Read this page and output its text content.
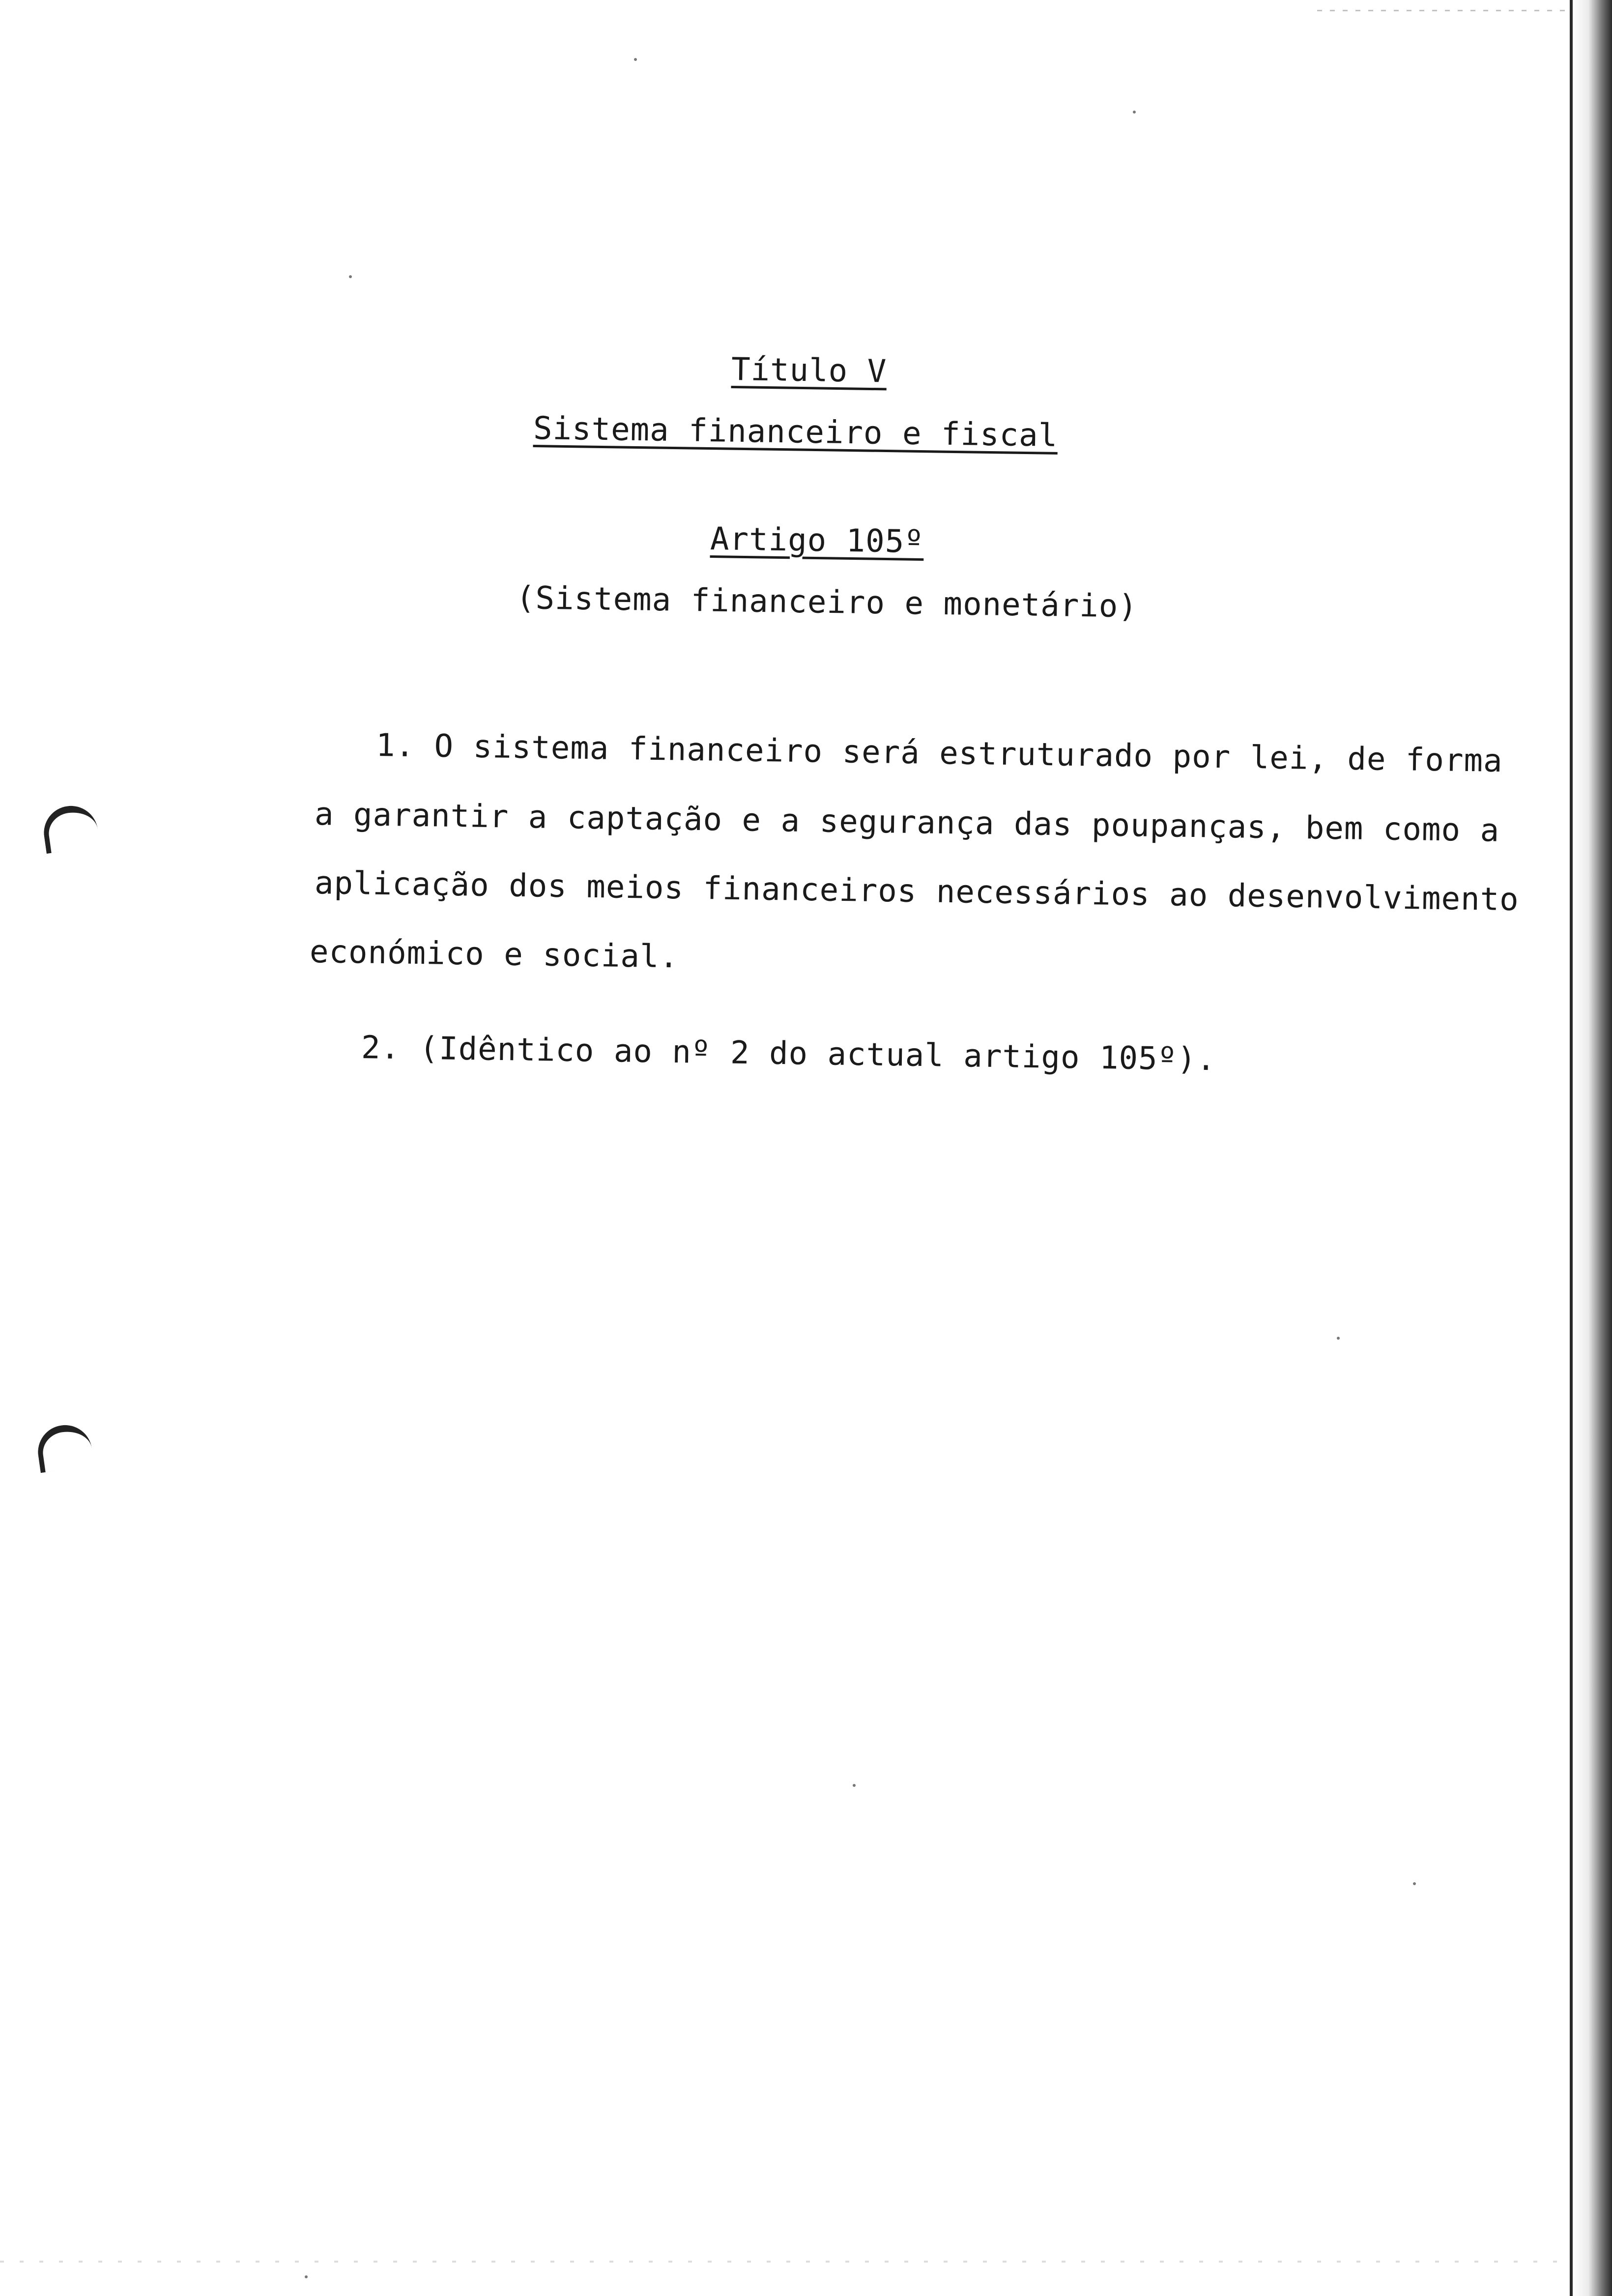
Título V
Sistema financeiro e fiscal
Artigo 105º
(Sistema financeiro e monetário)
1. O sistema financeiro será estruturado por lei, de forma
a garantir a captação e a segurança das poupanças, bem como a
aplicação dos meios financeiros necessários ao desenvolvimento
económico e social.
2. (Idêntico ao nº 2 do actual artigo 105º).
